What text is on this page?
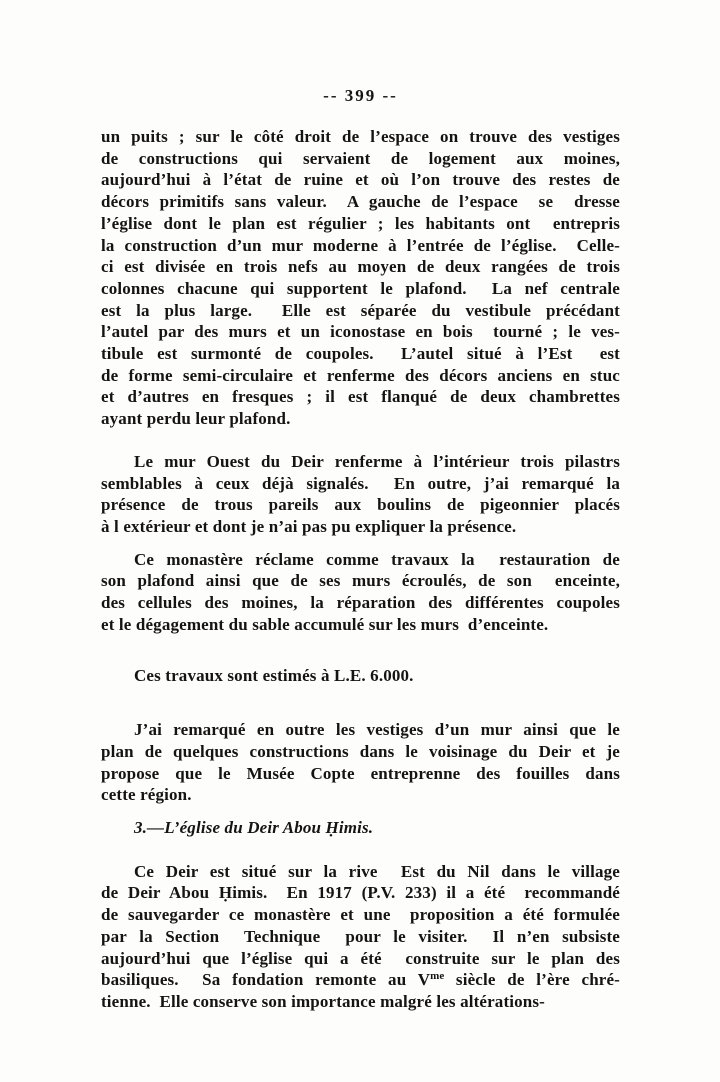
-- 399 --
un puits ; sur le côté droit de l’espace on trouve des vestiges
de  constructions  qui  servaient  de  logement  aux  moines,
aujourd’hui à l’état de ruine et où l’on trouve des restes de
décors primitifs sans valeur.  A gauche de l’espace  se  dresse
l’église dont le plan est régulier ; les habitants ont  entrepris
la construction d’un mur moderne à l’entrée de l’église.  Celle-
ci est divisée en trois nefs au moyen de deux rangées de trois
colonnes chacune qui supportent le plafond.  La nef centrale
est la plus large.  Elle est séparée du vestibule précédant
l’autel par des murs et un iconostase en bois  tourné ; le ves-
tibule est surmonté de coupoles.  L’autel situé à l’Est  est
de forme semi-circulaire et renferme des décors anciens en stuc
et d’autres en fresques ; il est flanqué de deux chambrettes
ayant perdu leur plafond.
Le mur Ouest du Deir renferme à l’intérieur trois pilastrs
semblables à ceux déjà signalés.  En outre, j’ai remarqué la
présence de trous pareils aux boulins de pigeonnier placés
à l extérieur et dont je n’ai pas pu expliquer la présence.
Ce monastère réclame comme travaux la  restauration de
son plafond ainsi que de ses murs écroulés, de son  enceinte,
des cellules des moines, la réparation des différentes coupoles
et le dégagement du sable accumulé sur les murs  d’enceinte.
Ces travaux sont estimés à L.E. 6.000.
J’ai remarqué en outre les vestiges d’un mur ainsi que le
plan de quelques constructions dans le voisinage du Deir et je
propose que le Musée Copte entreprenne des fouilles dans
cette région.
3.—L’église du Deir Abou Ḥimis.
Ce Deir est situé sur la rive  Est du Nil dans le village
de Deir Abou Ḥimis.  En 1917 (P.V. 233) il a été  recommandé
de sauvegarder ce monastère et une  proposition a été formulée
par la Section  Technique  pour le visiter.  Il n’en subsiste
aujourd’hui que l’église qui a été  construite sur le plan des
basiliques.  Sa fondation remonte au $V^{me}$ siècle de l’ère chré-
tienne.  Elle conserve son importance malgré les altérations-
